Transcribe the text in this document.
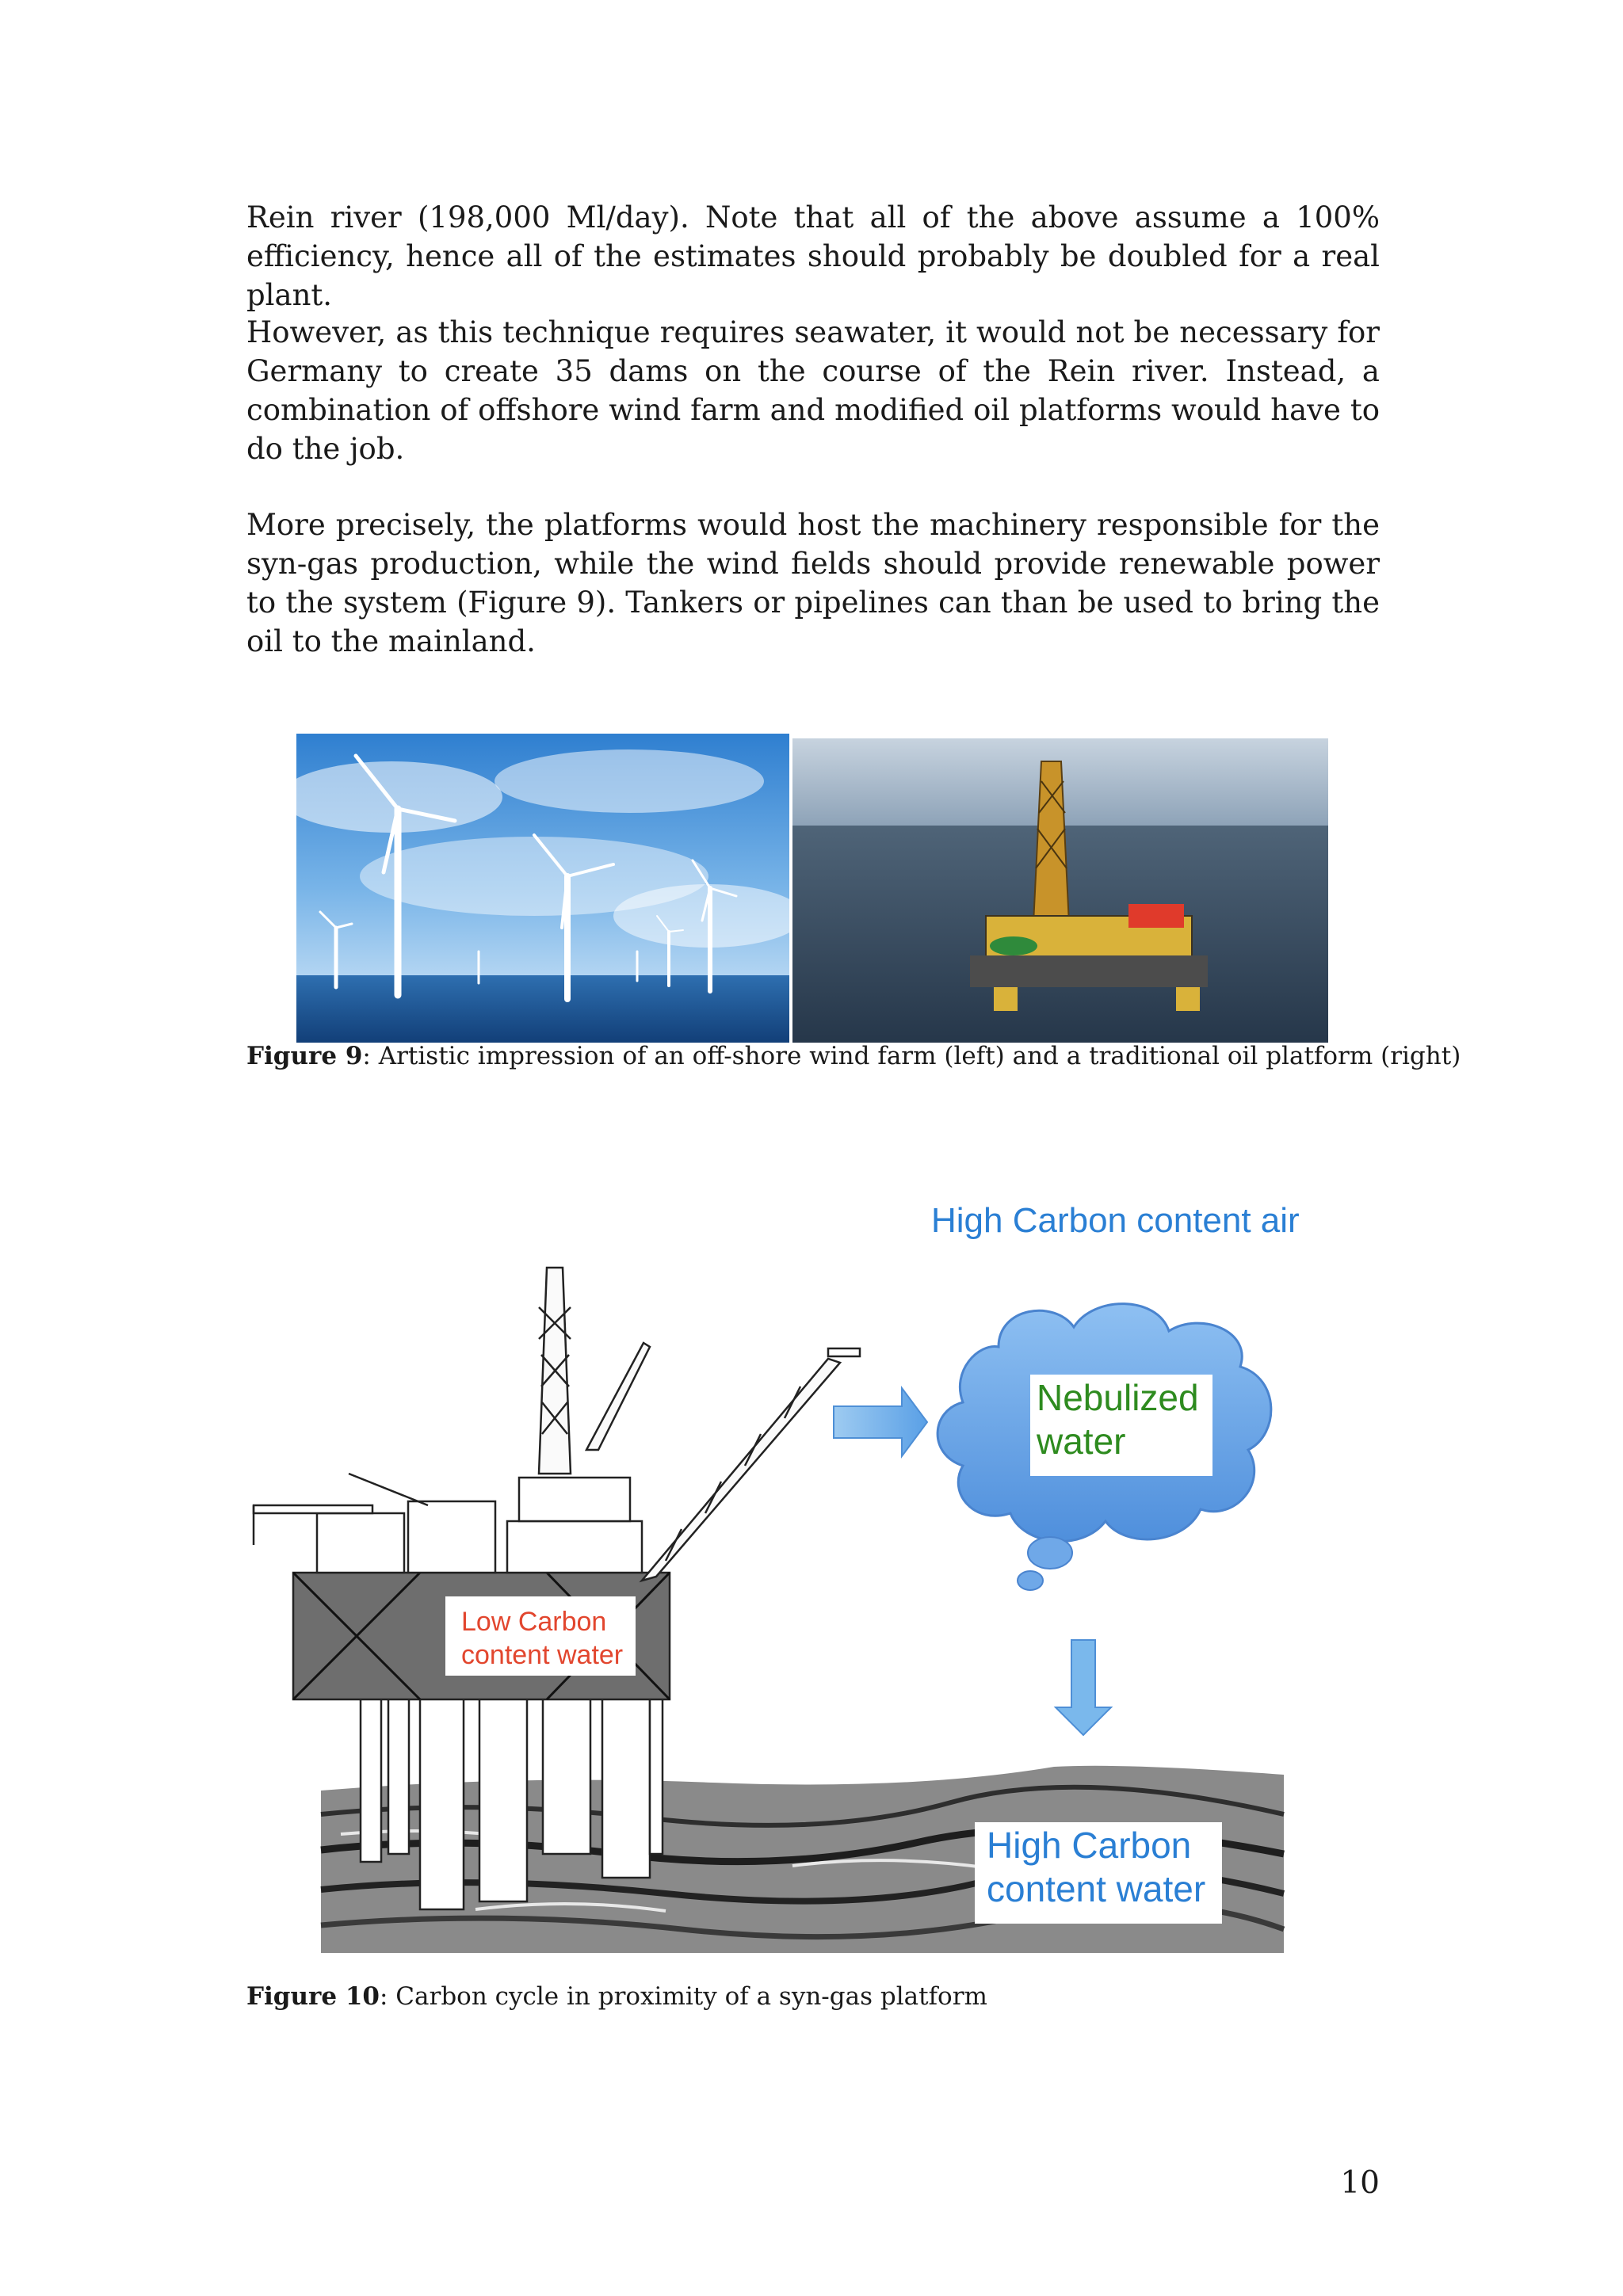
Rein river (198,000 Ml/day). Note that all of the above assume a 100% efficiency, hence all of the estimates should probably be doubled for a real plant.

However, as this technique requires seawater, it would not be necessary for Germany to create 35 dams on the course of the Rein river. Instead, a combination of offshore wind farm and modified oil platforms would have to do the job.

More precisely, the platforms would host the machinery responsible for the syn-gas production, while the wind fields should provide renewable power to the system (Figure 9). Tankers or pipelines can than be used to bring the oil to the mainland.

Figure 9: Artistic impression of an off-shore wind farm (left) and a traditional oil platform (right)

Low Carbon
content water
High Carbon content air
Nebulized
water
High Carbon
content water

Figure 10: Carbon cycle in proximity of a syn-gas platform

10
